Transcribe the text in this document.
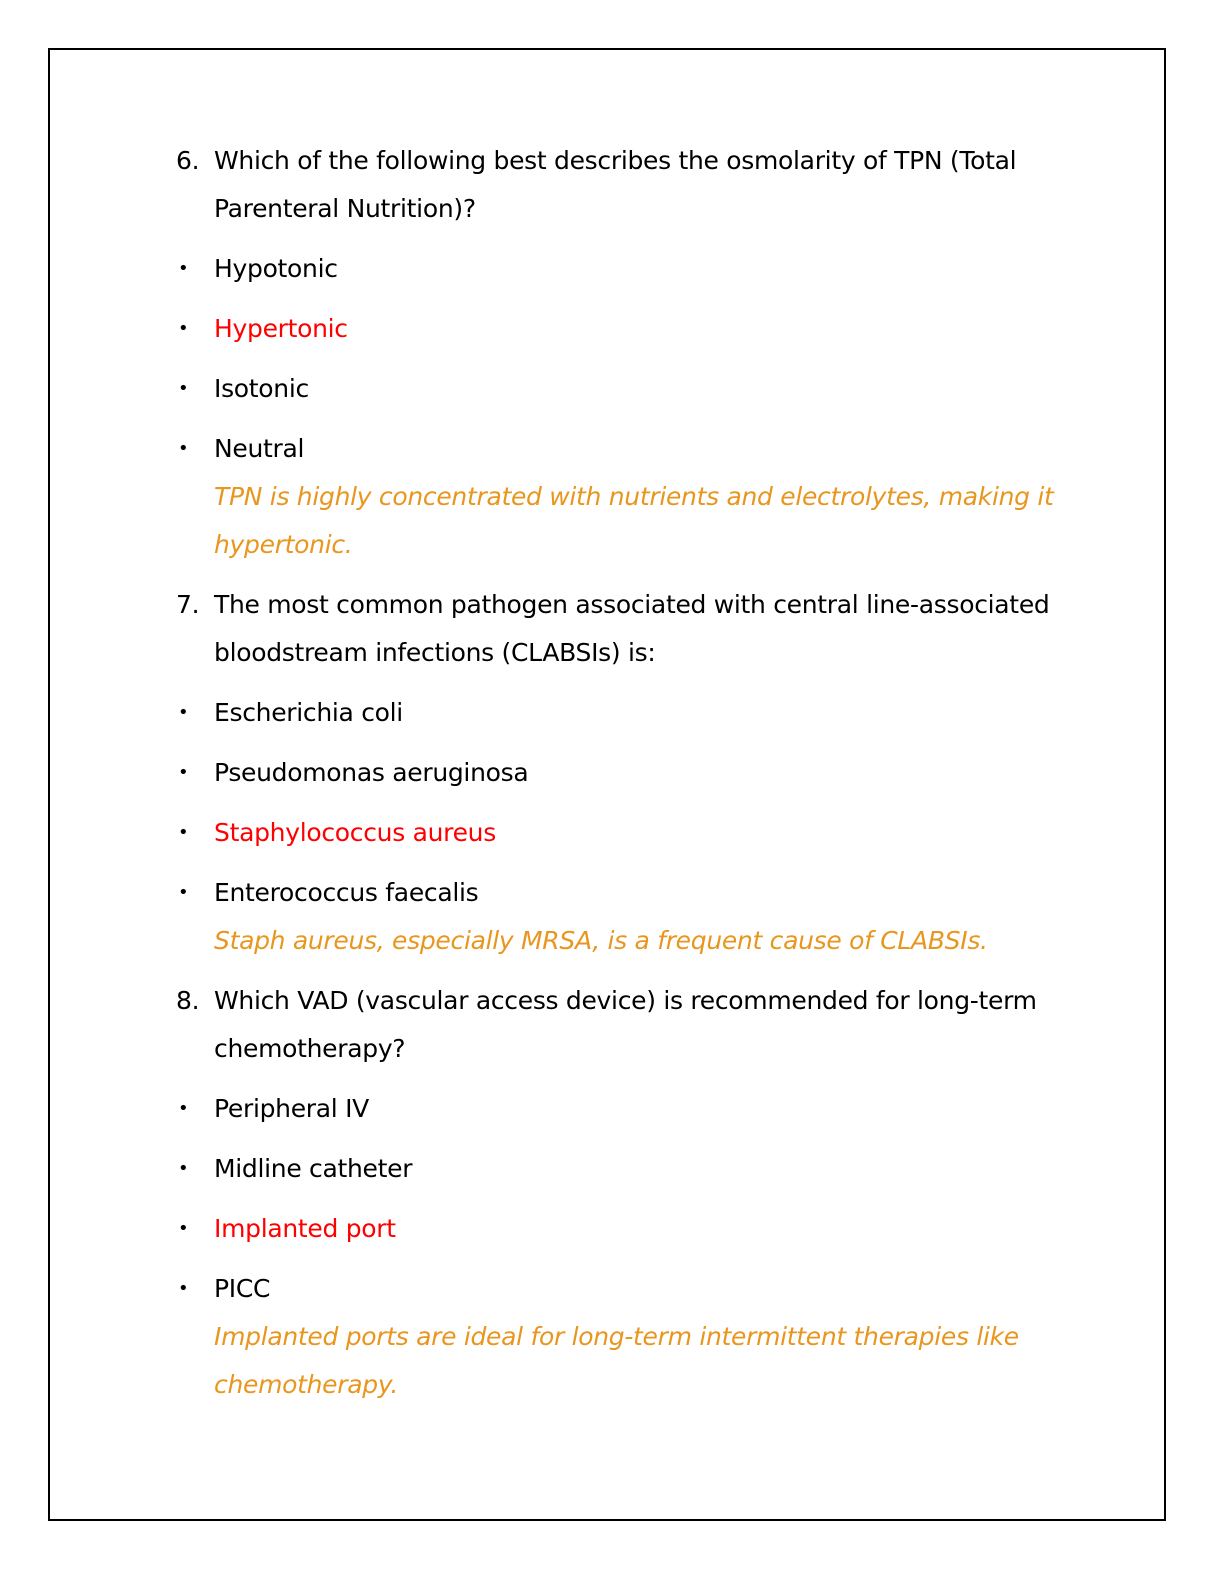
6. Which of the following best describes the osmolarity of TPN (Total Parenteral Nutrition)?
• Hypotonic
• Hypertonic
• Isotonic
• Neutral
TPN is highly concentrated with nutrients and electrolytes, making it hypertonic.
7. The most common pathogen associated with central line-associated bloodstream infections (CLABSIs) is:
• Escherichia coli
• Pseudomonas aeruginosa
• Staphylococcus aureus
• Enterococcus faecalis
Staph aureus, especially MRSA, is a frequent cause of CLABSIs.
8. Which VAD (vascular access device) is recommended for long-term chemotherapy?
• Peripheral IV
• Midline catheter
• Implanted port
• PICC
Implanted ports are ideal for long-term intermittent therapies like chemotherapy.
